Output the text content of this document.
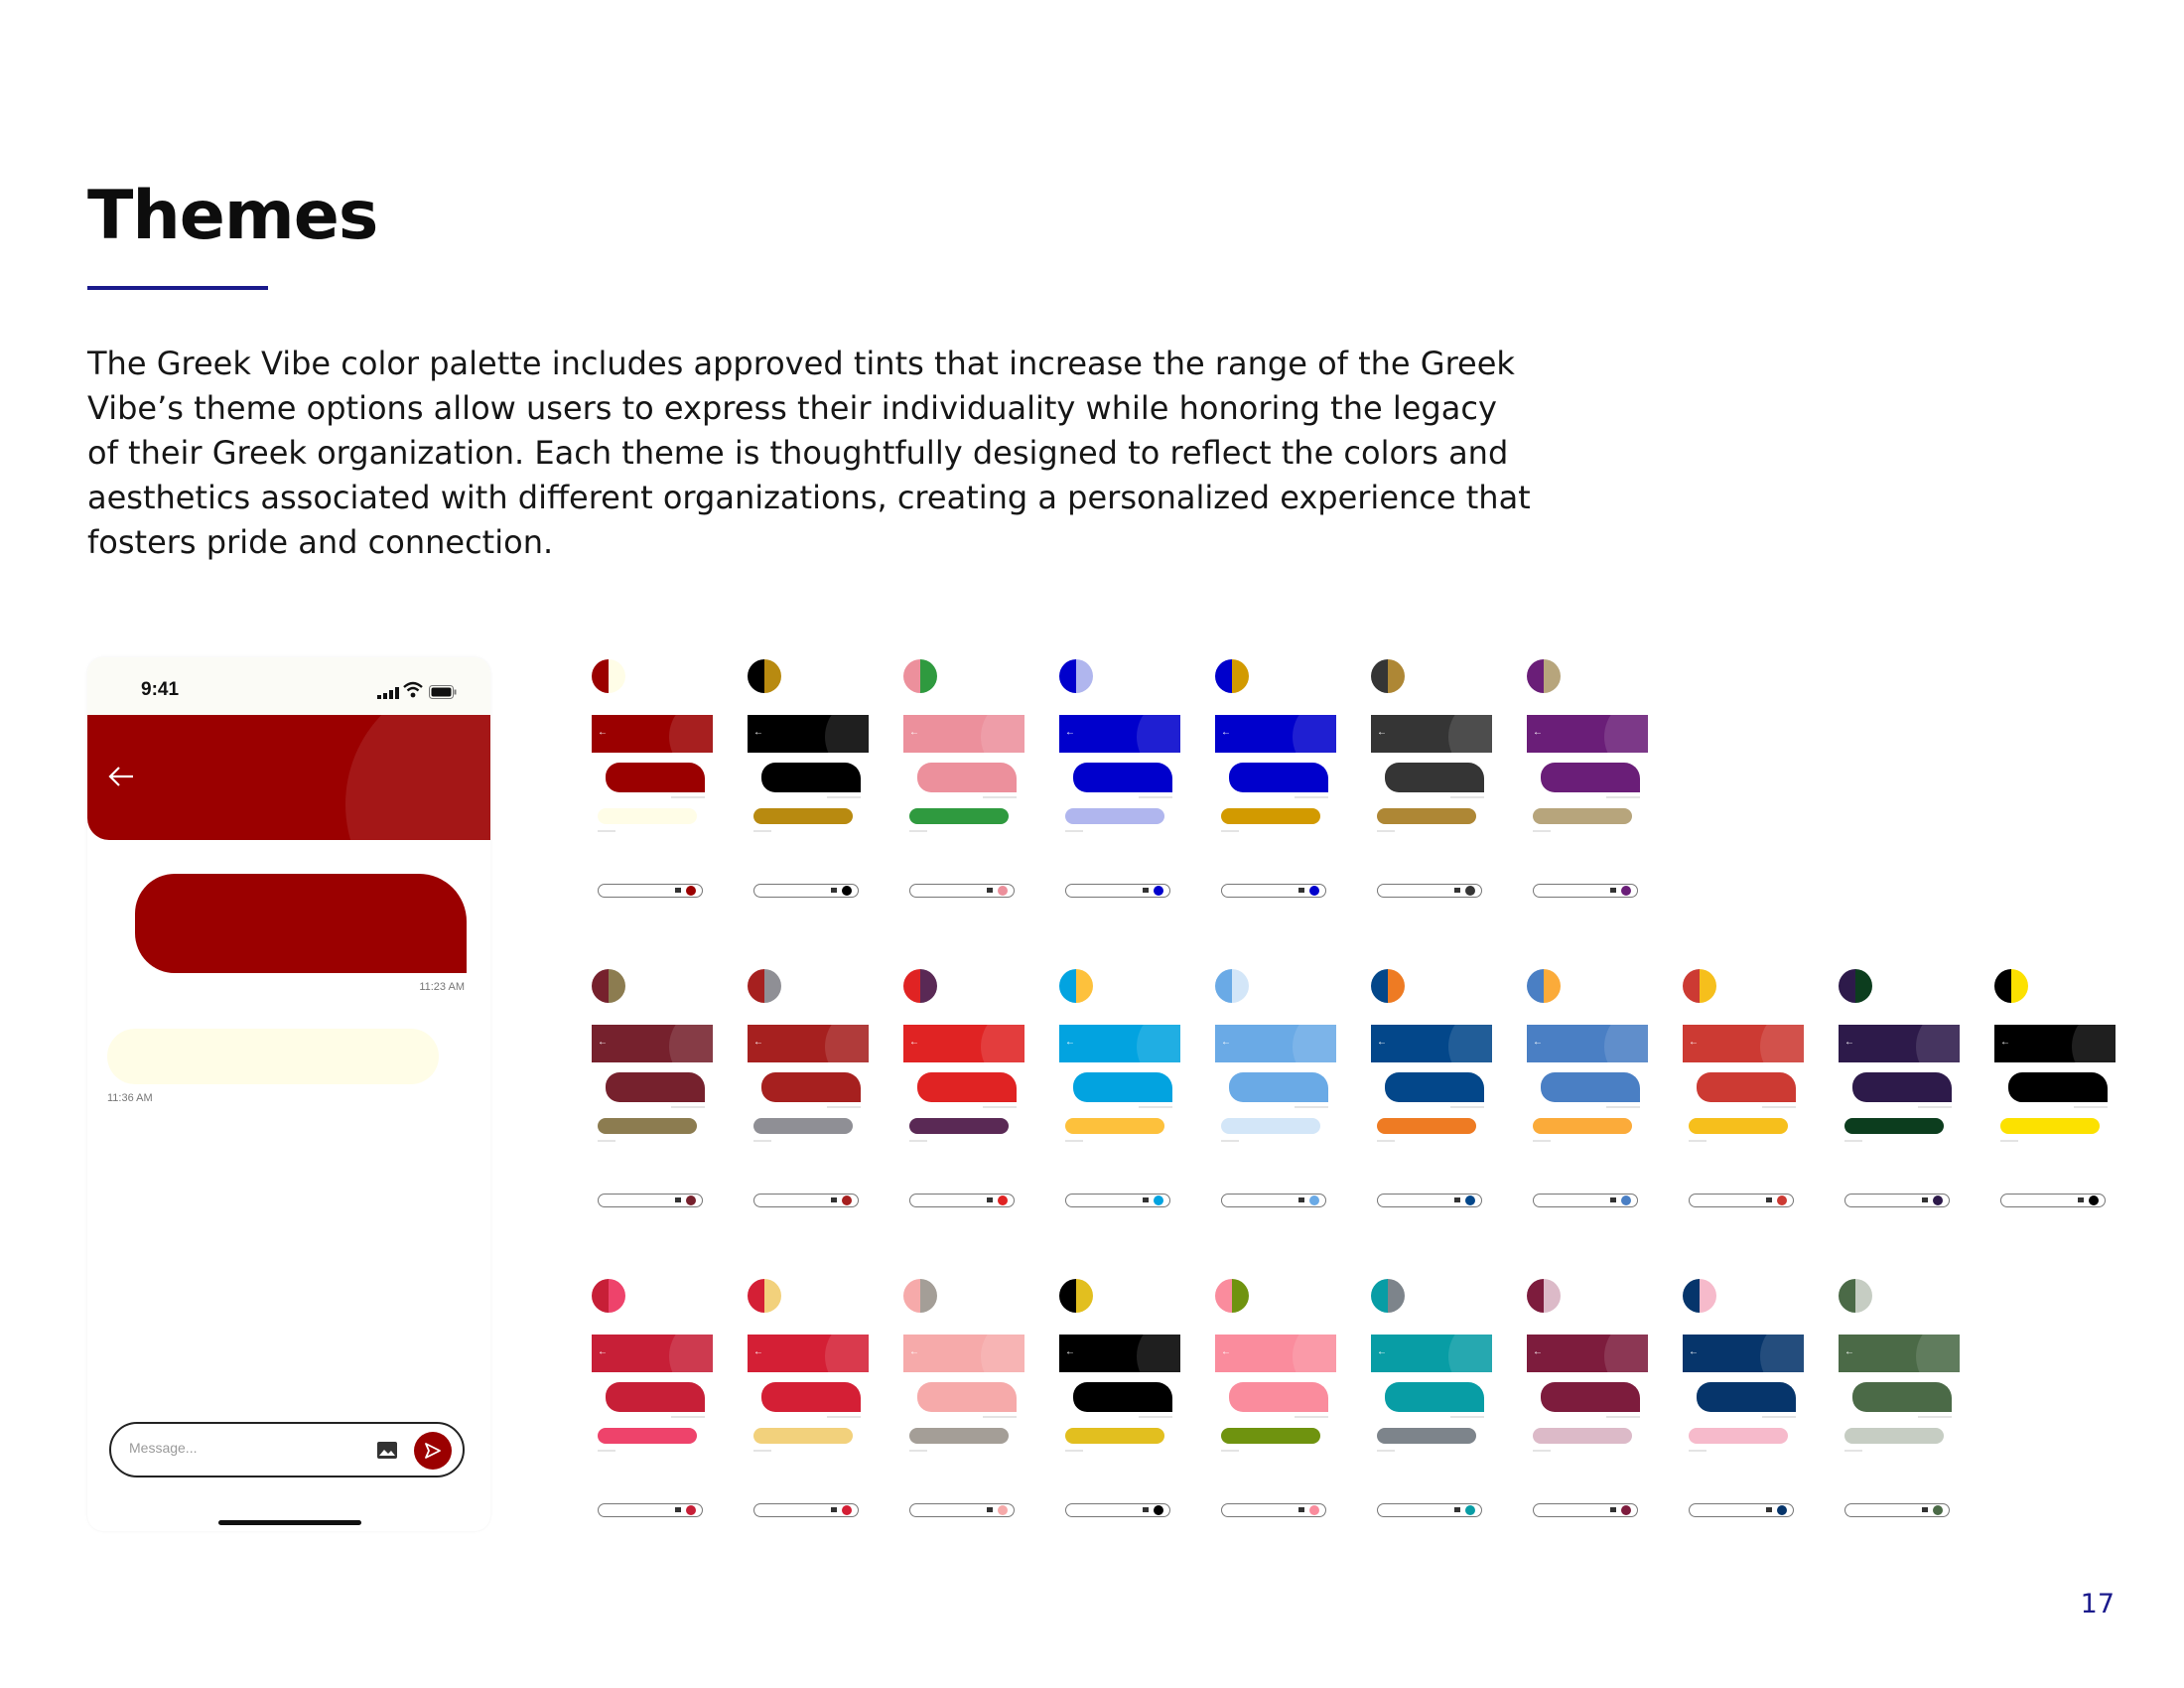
Themes

The Greek Vibe color palette includes approved tints that increase the range of the Greek Vibe’s theme options allow users to express their individuality while honoring the legacy of their Greek organization. Each theme is thoughtfully designed to reflect the colors and aesthetics associated with different organizations, creating a personalized experience that fosters pride and connection.

9:41
11:23 AM
11:36 AM
Message...
←	←	←	←	←	←	←
←	←	←	←	←	←	←	←	←	←
←	←	←	←	←	←	←	←	←
17
